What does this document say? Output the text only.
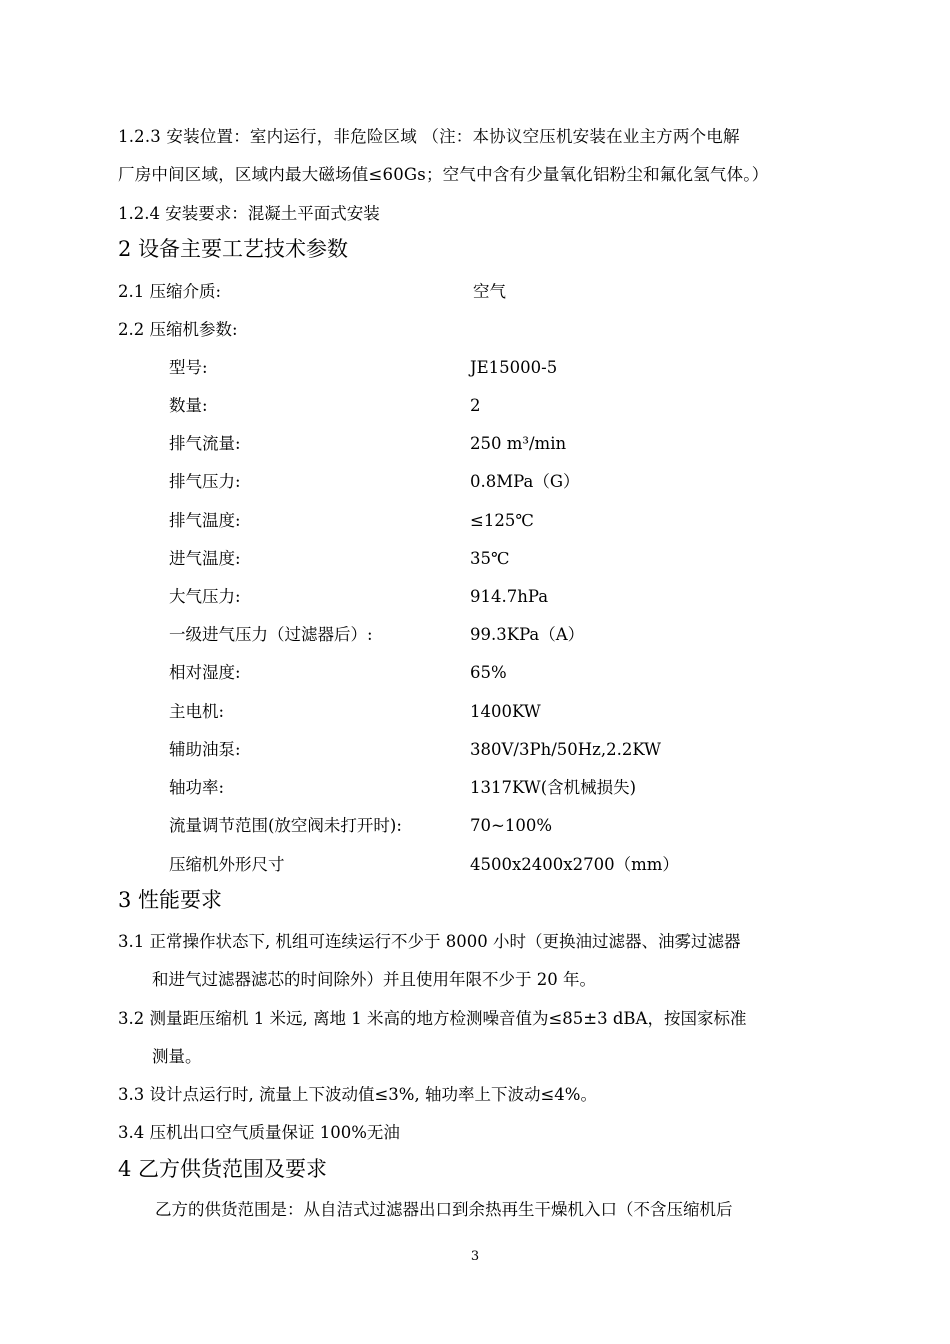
1.2.3 安装位置：室内运行，非危险区域 （注：本协议空压机安装在业主方两个电解
厂房中间区域，区域内最大磁场值≤60Gs；空气中含有少量氧化铝粉尘和氟化氢气体。）
1.2.4 安装要求：混凝土平面式安装
2 设备主要工艺技术参数
2.1 压缩介质:	空气
2.2 压缩机参数:
型号:	JE15000-5
数量:	2
排气流量:	250 m³/min
排气压力:	0.8MPa（G）
排气温度:	≤125℃
进气温度:	35℃
大气压力:	914.7hPa
一级进气压力（过滤器后）:	99.3KPa（A）
相对湿度:	65%
主电机:	1400KW
辅助油泵:	380V/3Ph/50Hz,2.2KW
轴功率:	1317KW(含机械损失)
流量调节范围(放空阀未打开时):	70~100%
压缩机外形尺寸	4500x2400x2700（mm）
3 性能要求
3.1 正常操作状态下, 机组可连续运行不少于 8000 小时（更换油过滤器、油雾过滤器
和进气过滤器滤芯的时间除外）并且使用年限不少于 20 年。
3.2 测量距压缩机 1 米远, 离地 1 米高的地方检测噪音值为≤85±3 dBA，按国家标准
测量。
3.3 设计点运行时, 流量上下波动值≤3%, 轴功率上下波动≤4%。
3.4 压机出口空气质量保证 100%无油
4 乙方供货范围及要求
乙方的供货范围是：从自洁式过滤器出口到余热再生干燥机入口（不含压缩机后
3
